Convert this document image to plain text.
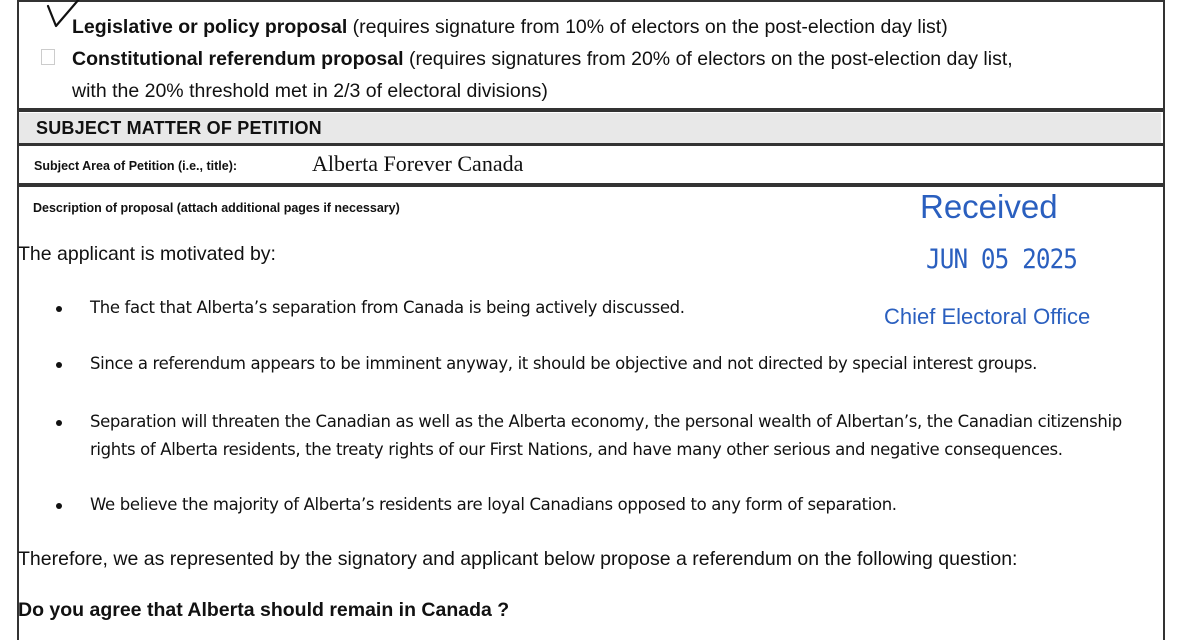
Legislative or policy proposal (requires signature from 10% of electors on the post-election day list)
Constitutional referendum proposal (requires signatures from 20% of electors on the post-election day list,
with the 20% threshold met in 2/3 of electoral divisions)
SUBJECT MATTER OF PETITION
Subject Area of Petition (i.e., title):	Alberta Forever Canada
Description of proposal (attach additional pages if necessary)	Received
JUN 05 2025
Chief Electoral Office
The applicant is motivated by:
The fact that Alberta’s separation from Canada is being actively discussed.
Since a referendum appears to be imminent anyway, it should be objective and not directed by special interest groups.
Separation will threaten the Canadian as well as the Alberta economy, the personal wealth of Albertan’s, the Canadian citizenship
rights of Alberta residents, the treaty rights of our First Nations, and have many other serious and negative consequences.
We believe the majority of Alberta’s residents are loyal Canadians opposed to any form of separation.
Therefore, we as represented by the signatory and applicant below propose a referendum on the following question:
Do you agree that Alberta should remain in Canada ?
